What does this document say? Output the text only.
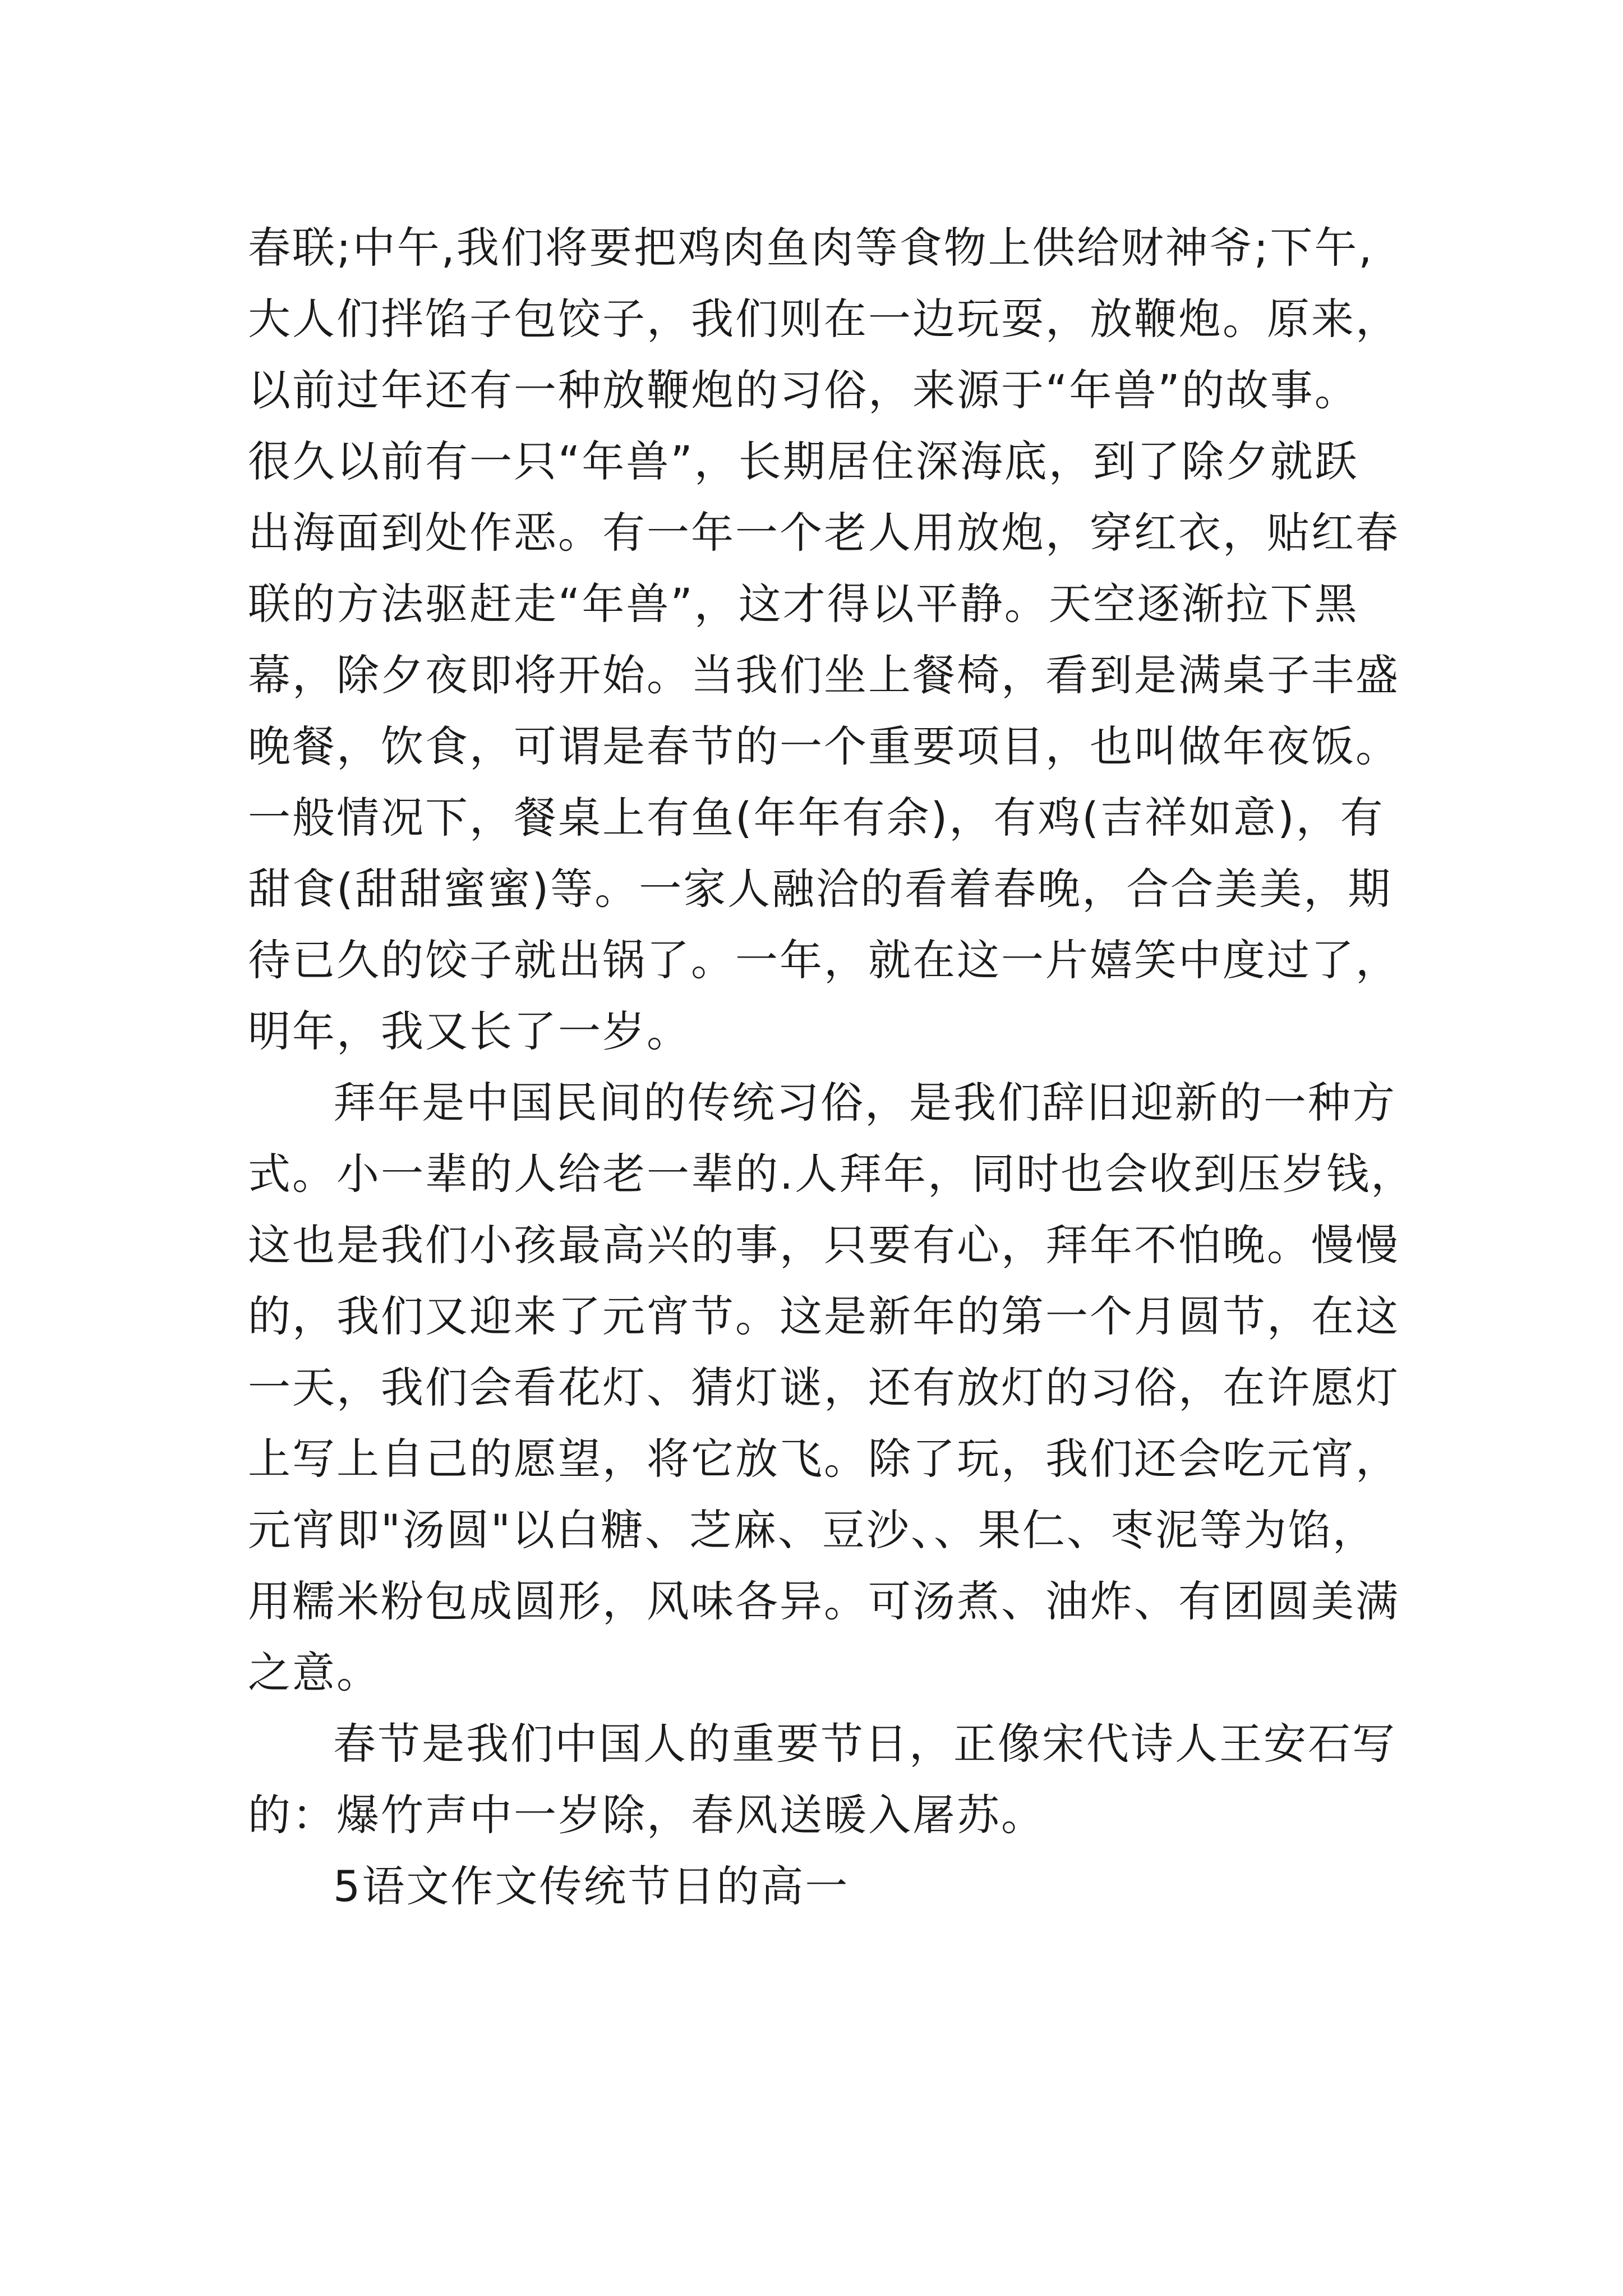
春联;中午,我们将要把鸡肉鱼肉等食物上供给财神爷;下午,
大人们拌馅子包饺子，我们则在一边玩耍，放鞭炮。原来，
以前过年还有一种放鞭炮的习俗，来源于“年兽”的故事。
很久以前有一只“年兽”，长期居住深海底，到了除夕就跃
出海面到处作恶。有一年一个老人用放炮，穿红衣，贴红春
联的方法驱赶走“年兽”，这才得以平静。天空逐渐拉下黑
幕，除夕夜即将开始。当我们坐上餐椅，看到是满桌子丰盛
晚餐，饮食，可谓是春节的一个重要项目，也叫做年夜饭。
一般情况下，餐桌上有鱼(年年有余)，有鸡(吉祥如意)，有
甜食(甜甜蜜蜜)等。一家人融洽的看着春晚，合合美美，期
待已久的饺子就出锅了。一年，就在这一片嬉笑中度过了，
明年，我又长了一岁。
拜年是中国民间的传统习俗，是我们辞旧迎新的一种方
式。小一辈的人给老一辈的.人拜年，同时也会收到压岁钱，
这也是我们小孩最高兴的事，只要有心，拜年不怕晚。慢慢
的，我们又迎来了元宵节。这是新年的第一个月圆节，在这
一天，我们会看花灯、猜灯谜，还有放灯的习俗，在许愿灯
上写上自己的愿望，将它放飞。除了玩，我们还会吃元宵，
元宵即"汤圆"以白糖、芝麻、豆沙、、果仁、枣泥等为馅，
用糯米粉包成圆形，风味各异。可汤煮、油炸、有团圆美满
之意。
春节是我们中国人的重要节日，正像宋代诗人王安石写
的：爆竹声中一岁除，春风送暖入屠苏。
5语文作文传统节日的高一
